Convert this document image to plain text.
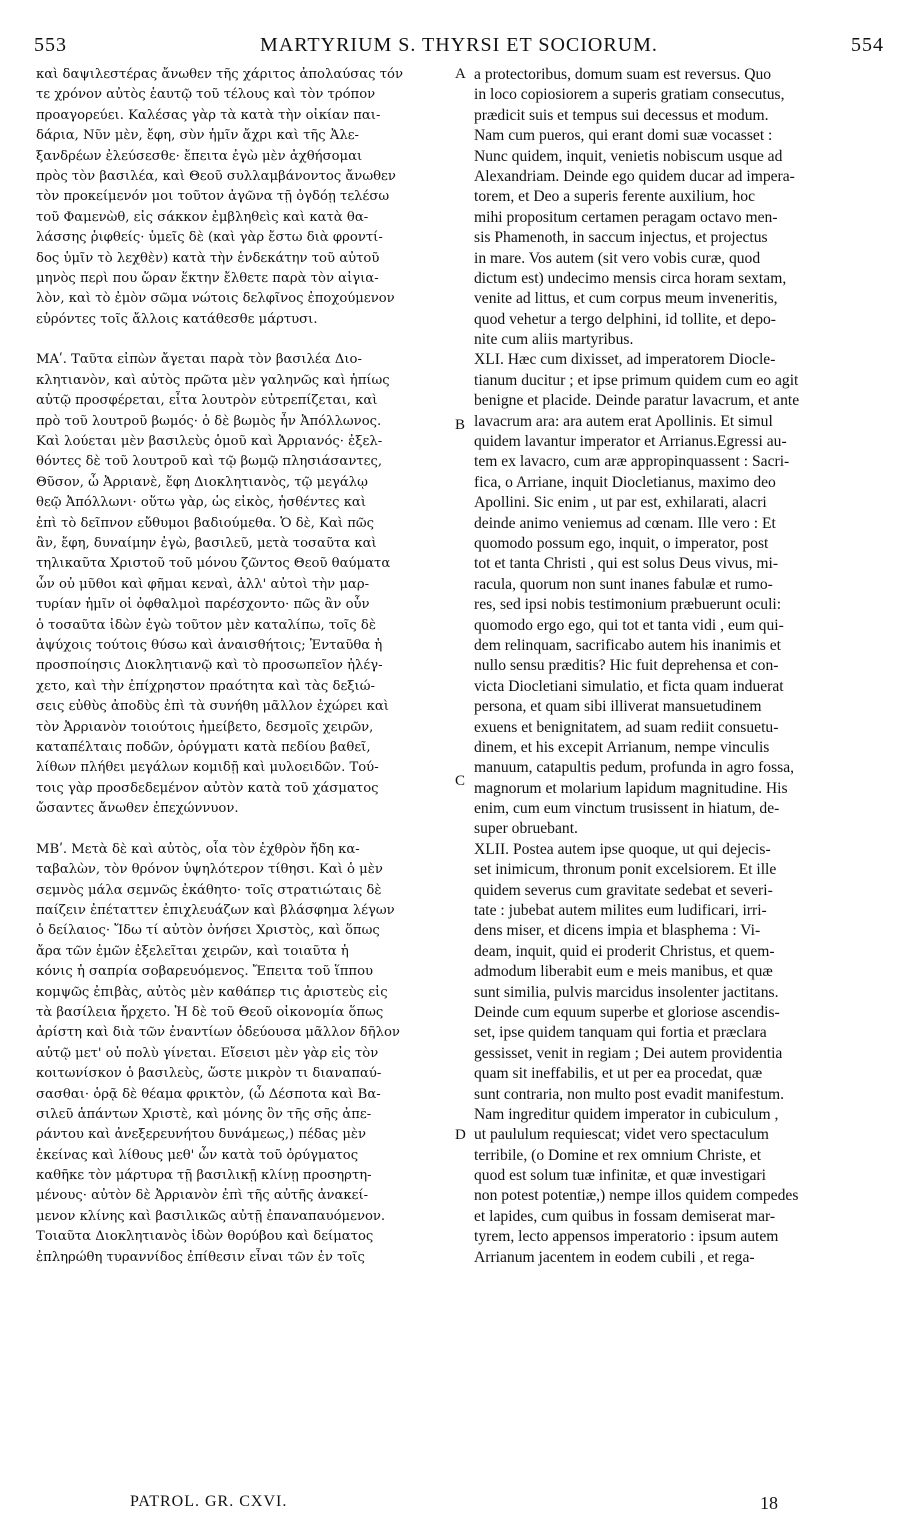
553	MARTYRIUM S. THYRSI ET SOCIORUM.	554
καὶ δαψιλεστέρας ἄνωθεν τῆς χάριτος ἀπολαύσας τόν
τε χρόνον αὐτὸς ἑαυτῷ τοῦ τέλους καὶ τὸν τρόπον
προαγορεύει. Καλέσας γὰρ τὰ κατὰ τὴν οἰκίαν παι-
δάρια, Νῦν μὲν, ἔφη, σὺν ἡμῖν ἄχρι καὶ τῆς Ἀλε-
ξανδρέων ἐλεύσεσθε· ἔπειτα ἐγὼ μὲν ἀχθήσομαι
πρὸς τὸν βασιλέα, καὶ Θεοῦ συλλαμβάνοντος ἄνωθεν
τὸν προκείμενόν μοι τοῦτον ἀγῶνα τῇ ὀγδόῃ τελέσω
τοῦ Φαμενὼθ, εἰς σάκκον ἐμβληθεὶς καὶ κατὰ θα-
λάσσης ῥιφθείς· ὑμεῖς δὲ (καὶ γὰρ ἔστω διὰ φροντί-
δος ὑμῖν τὸ λεχθὲν) κατὰ τὴν ἑνδεκάτην τοῦ αὐτοῦ
μηνὸς περὶ που ὥραν ἕκτην ἔλθετε παρὰ τὸν αἰγια-
λὸν, καὶ τὸ ἐμὸν σῶμα νώτοις δελφῖνος ἐποχούμενον
εὑρόντες τοῖς ἄλλοις κατάθεσθε μάρτυσι.
ΜΑʹ. Ταῦτα εἰπὼν ἄγεται παρὰ τὸν βασιλέα Διο-
κλητιανὸν, καὶ αὐτὸς πρῶτα μὲν γαληνῶς καὶ ἠπίως
αὐτῷ προσφέρεται, εἶτα λουτρὸν εὐτρεπίζεται, καὶ
πρὸ τοῦ λουτροῦ βωμός· ὁ δὲ βωμὸς ἦν Ἀπόλλωνος.
Καὶ λούεται μὲν βασιλεὺς ὁμοῦ καὶ Ἀρριανός· ἐξελ-
θόντες δὲ τοῦ λουτροῦ καὶ τῷ βωμῷ πλησιάσαντες,
Θῦσον, ὦ Ἀρριανὲ, ἔφη Διοκλητιανὸς, τῷ μεγάλῳ
θεῷ Ἀπόλλωνι· οὕτω γὰρ, ὡς εἰκὸς, ἡσθέντες καὶ
ἐπὶ τὸ δεῖπνον εὔθυμοι βαδιούμεθα. Ὁ δὲ, Καὶ πῶς
ἂν, ἔφη, δυναίμην ἐγὼ, βασιλεῦ, μετὰ τοσαῦτα καὶ
τηλικαῦτα Χριστοῦ τοῦ μόνου ζῶντος Θεοῦ θαύματα
ὧν οὐ μῦθοι καὶ φῆμαι κεναὶ, ἀλλ' αὐτοὶ τὴν μαρ-
τυρίαν ἡμῖν οἱ ὀφθαλμοὶ παρέσχοντο· πῶς ἂν οὖν
ὁ τοσαῦτα ἰδὼν ἐγὼ τοῦτον μὲν καταλίπω, τοῖς δὲ
ἀψύχοις τούτοις θύσω καὶ ἀναισθήτοις; Ἐνταῦθα ἡ
προσποίησις Διοκλητιανῷ καὶ τὸ προσωπεῖον ἠλέγ-
χετο, καὶ τὴν ἐπίχρηστον πραότητα καὶ τὰς δεξιώ-
σεις εὐθὺς ἀποδὺς ἐπὶ τὰ συνήθη μᾶλλον ἐχώρει καὶ
τὸν Ἀρριανὸν τοιούτοις ἠμείβετο, δεσμοῖς χειρῶν,
καταπέλταις ποδῶν, ὀρύγματι κατὰ πεδίου βαθεῖ,
λίθων πλήθει μεγάλων κομιδῇ καὶ μυλοειδῶν. Τού-
τοις γὰρ προσδεδεμένον αὐτὸν κατὰ τοῦ χάσματος
ὤσαντες ἄνωθεν ἐπεχώννυον.
ΜΒʹ. Μετὰ δὲ καὶ αὐτὸς, οἷα τὸν ἐχθρὸν ἤδη κα-
ταβαλὼν, τὸν θρόνον ὑψηλότερον τίθησι. Καὶ ὁ μὲν
σεμνὸς μάλα σεμνῶς ἐκάθητο· τοῖς στρατιώταις δὲ
παίζειν ἐπέταττεν ἐπιχλευάζων καὶ βλάσφημα λέγων
ὁ δείλαιος· Ἴδω τί αὐτὸν ὀνήσει Χριστὸς, καὶ ὅπως
ἄρα τῶν ἐμῶν ἐξελεῖται χειρῶν, καὶ τοιαῦτα ἡ
κόνις ἡ σαπρία σοβαρευόμενος. Ἔπειτα τοῦ ἵππου
κομψῶς ἐπιβὰς, αὐτὸς μὲν καθάπερ τις ἀριστεὺς εἰς
τὰ βασίλεια ἤρχετο. Ἡ δὲ τοῦ Θεοῦ οἰκονομία ὅπως
ἀρίστη καὶ διὰ τῶν ἐναντίων ὁδεύουσα μᾶλλον δῆλον
αὐτῷ μετ' οὐ πολὺ γίνεται. Εἴσεισι μὲν γὰρ εἰς τὸν
κοιτωνίσκον ὁ βασιλεὺς, ὥστε μικρὸν τι διαναπαύ-
σασθαι· ὁρᾷ δὲ θέαμα φρικτὸν, (ὦ Δέσποτα καὶ Βα-
σιλεῦ ἁπάντων Χριστὲ, καὶ μόνης ὃν τῆς σῆς ἀπε-
ράντου καὶ ἀνεξερευνήτου δυνάμεως,) πέδας μὲν
ἐκείνας καὶ λίθους μεθ' ὧν κατὰ τοῦ ὀρύγματος
καθῆκε τὸν μάρτυρα τῇ βασιλικῇ κλίνῃ προσηρτη-
μένους· αὐτὸν δὲ Ἀρριανὸν ἐπὶ τῆς αὐτῆς ἀνακεί-
μενον κλίνης καὶ βασιλικῶς αὐτῇ ἐπαναπαυόμενον.
Τοιαῦτα Διοκλητιανὸς ἰδὼν θορύβου καὶ δείματος
ἐπληρώθη τυραννίδος ἐπίθεσιν εἶναι τῶν ἐν τοῖς
a protectoribus, domum suam est reversus. Quo
in loco copiosiorem a superis gratiam consecutus,
prædicit suis et tempus sui decessus et modum.
Nam cum pueros, qui erant domi suæ vocasset :
Nunc quidem, inquit, venietis nobiscum usque ad
Alexandriam. Deinde ego quidem ducar ad impera-
torem, et Deo a superis ferente auxilium, hoc
mihi propositum certamen peragam octavo men-
sis Phamenoth, in saccum injectus, et projectus
in mare. Vos autem (sit vero vobis curæ, quod
dictum est) undecimo mensis circa horam sextam,
venite ad littus, et cum corpus meum inveneritis,
quod vehetur a tergo delphini, id tollite, et depo-
nite cum aliis martyribus.
XLI. Hæc cum dixisset, ad imperatorem Diocle-
tianum ducitur ; et ipse primum quidem cum eo agit
benigne et placide. Deinde paratur lavacrum, et ante
lavacrum ara: ara autem erat Apollinis. Et simul
quidem lavantur imperator et Arrianus.Egressi au-
tem ex lavacro, cum aræ appropinquassent : Sacri-
fica, o Arriane, inquit Diocletianus, maximo deo
Apollini. Sic enim , ut par est, exhilarati, alacri
deinde animo veniemus ad cœnam. Ille vero : Et
quomodo possum ego, inquit, o imperator, post
tot et tanta Christi , qui est solus Deus vivus, mi-
racula, quorum non sunt inanes fabulæ et rumo-
res, sed ipsi nobis testimonium præbuerunt oculi:
quomodo ergo ego, qui tot et tanta vidi , eum qui-
dem relinquam, sacrificabo autem his inanimis et
nullo sensu præditis? Hic fuit deprehensa et con-
victa Diocletiani simulatio, et ficta quam induerat
persona, et quam sibi illiverat mansuetudinem
exuens et benignitatem, ad suam rediit consuetu-
dinem, et his excepit Arrianum, nempe vinculis
manuum, catapultis pedum, profunda in agro fossa,
magnorum et molarium lapidum magnitudine. His
enim, cum eum vinctum trusissent in hiatum, de-
super obruebant.
XLII. Postea autem ipse quoque, ut qui dejecis-
set inimicum, thronum ponit excelsiorem. Et ille
quidem severus cum gravitate sedebat et severi-
tate : jubebat autem milites eum ludificari, irri-
dens miser, et dicens impia et blasphema : Vi-
deam, inquit, quid ei proderit Christus, et quem-
admodum liberabit eum e meis manibus, et quæ
sunt similia, pulvis marcidus insolenter jactitans.
Deinde cum equum superbe et gloriose ascendis-
set, ipse quidem tanquam qui fortia et præclara
gessisset, venit in regiam ; Dei autem providentia
quam sit ineffabilis, et ut per ea procedat, quæ
sunt contraria, non multo post evadit manifestum.
Nam ingreditur quidem imperator in cubiculum ,
ut paululum requiescat; videt vero spectaculum
terribile, (o Domine et rex omnium Christe, et
quod est solum tuæ infinitæ, et quæ investigari
non potest potentiæ,) nempe illos quidem compedes
et lapides, cum quibus in fossam demiserat mar-
tyrem, lecto appensos imperatorio : ipsum autem
Arrianum jacentem in eodem cubili , et rega-
A
B
C
D
PATROL. GR. CXVI.	18
